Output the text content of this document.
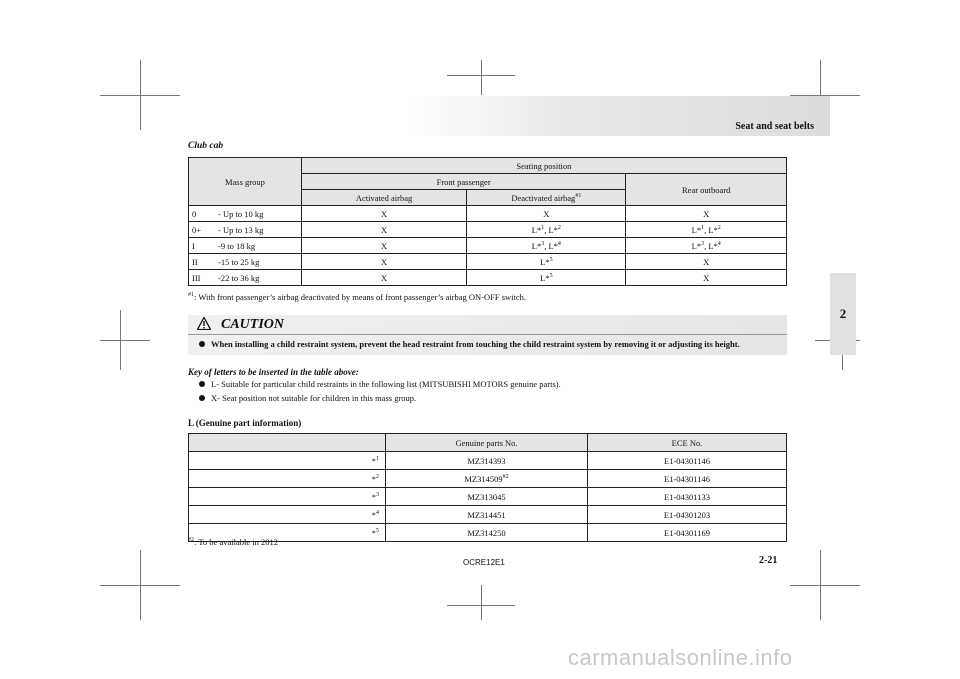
Seat and seat belts
2
Club cab
Mass group	Seating position		
	Front passenger		Rear outboard
	Activated airbag	Deactivated airbag$^{\#1}$
0 - Up to 10 kg	X	X	X
0+ - Up to 13 kg	X	L*$^1$, L*$^2$	L*$^1$, L*$^2$
I -9 to 18 kg	X	L*$^3$, L*$^4$	L*$^3$, L*$^4$
II -15 to 25 kg	X	L*$^5$	X
III -22 to 36 kg	X	L*$^5$	X
$^{\#1}$: With front passenger’s airbag deactivated by means of front passenger’s airbag ON-OFF switch.
CAUTION
When installing a child restraint system, prevent the head restraint from touching the child restraint system by removing it or adjusting its height.
Key of letters to be inserted in the table above:
L- Suitable for particular child restraints in the following list (MITSUBISHI MOTORS genuine parts).
X- Seat position not suitable for children in this mass group.
L (Genuine part information)
	Genuine parts No.	ECE No.
*$^1$	MZ314393	E1-04301146
*$^2$	MZ314509$^{\#2}$	E1-04301146
*$^3$	MZ313045	E1-04301133
*$^4$	MZ314451	E1-04301203
*$^5$	MZ314250	E1-04301169
$^{\#2}$: To be available in 2012
OCRE12E1	2-21
carmanualsonline.info
